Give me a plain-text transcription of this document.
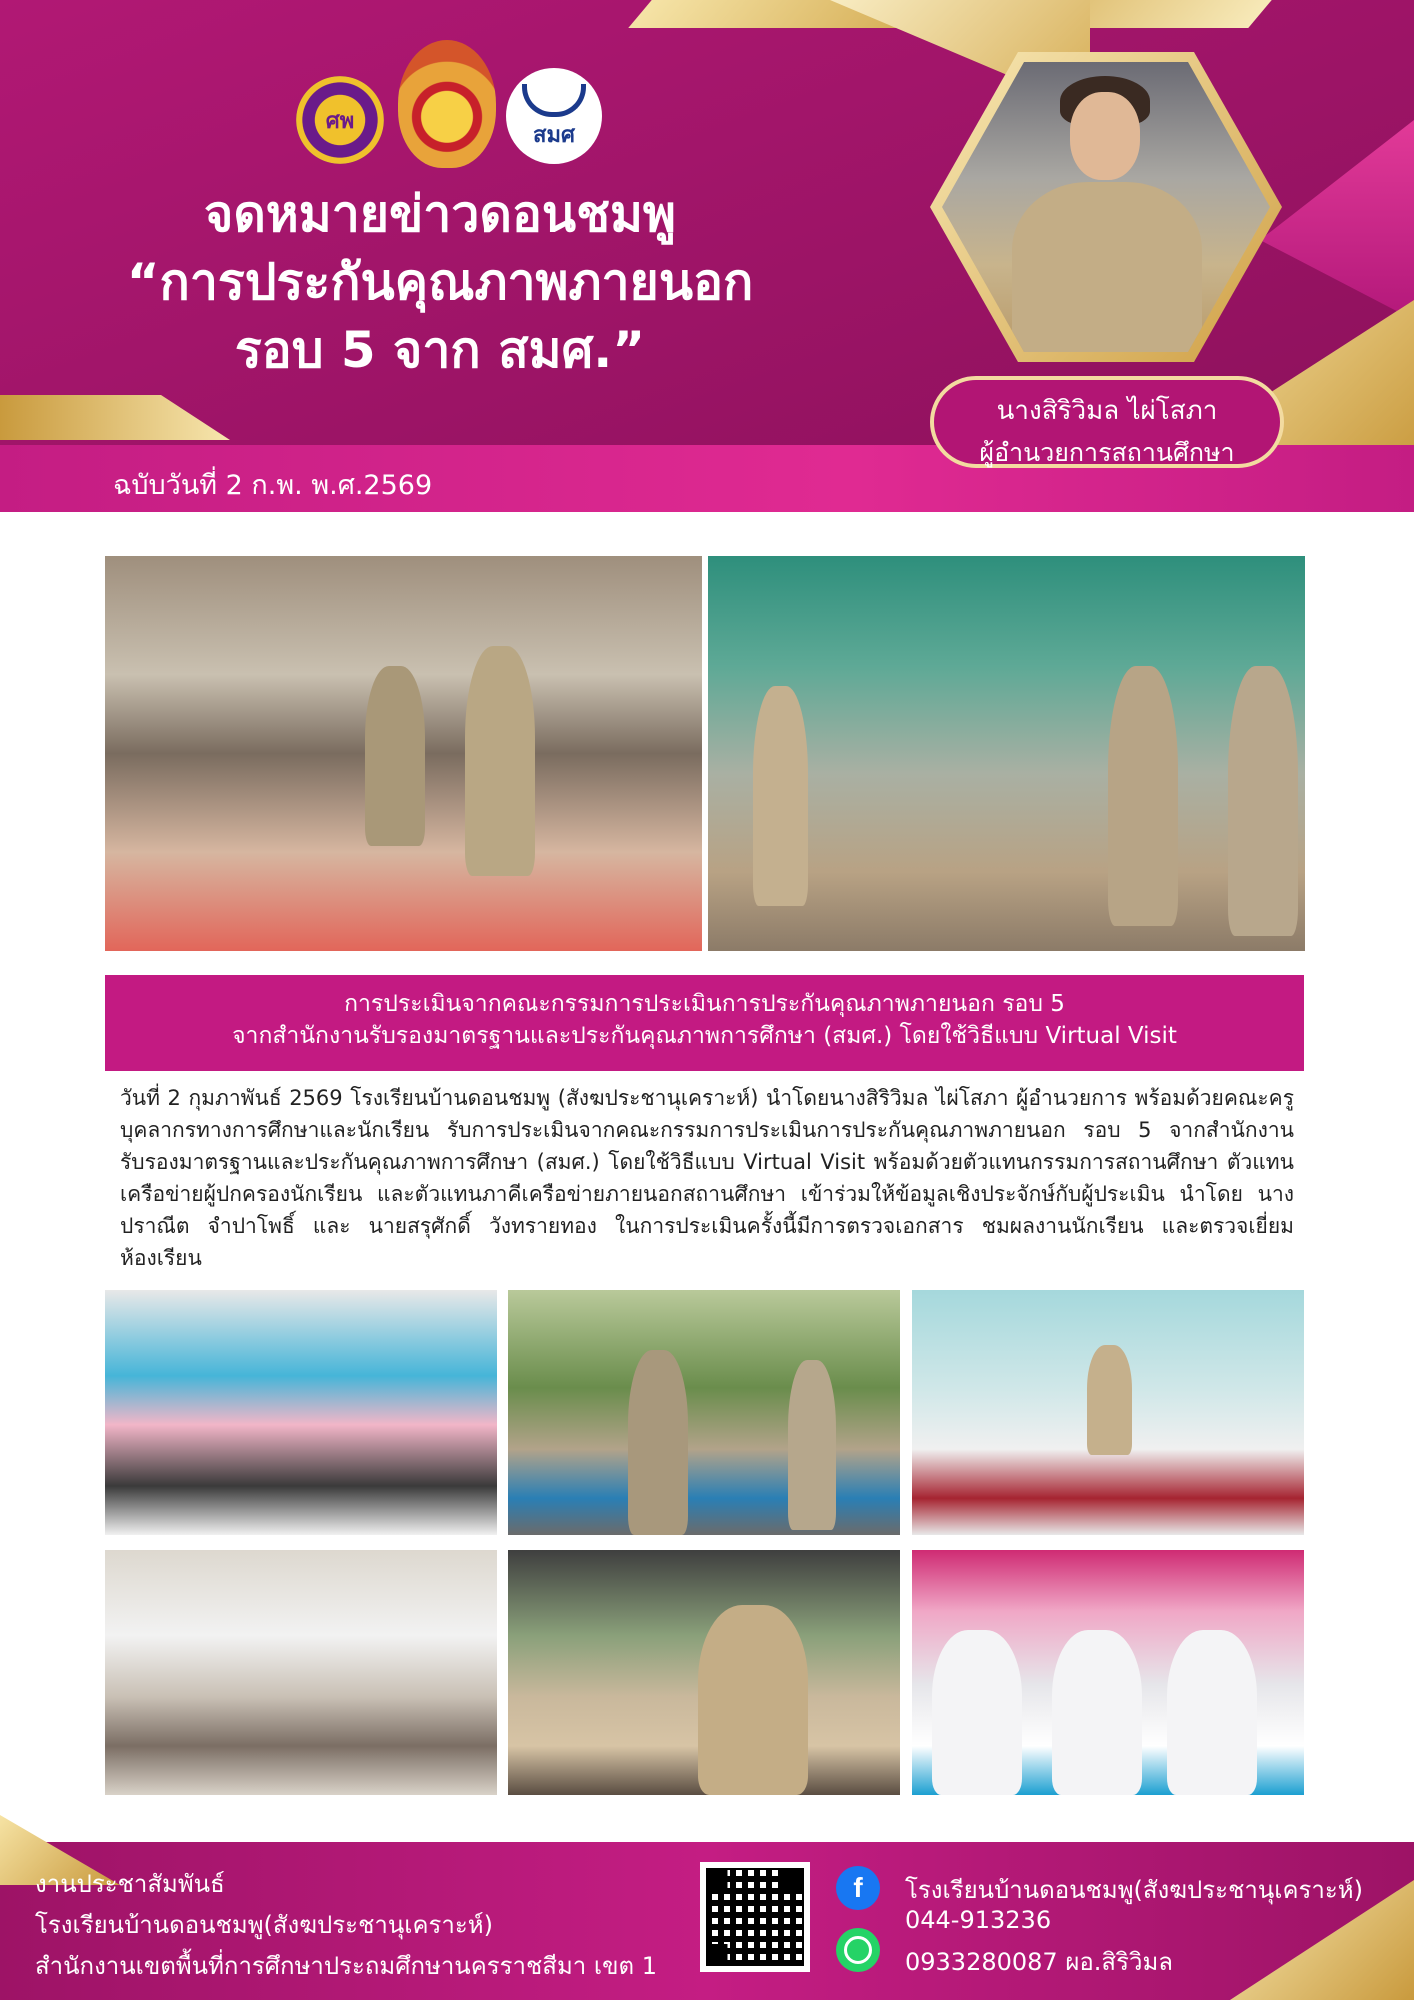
ศพ
สมศ
จดหมายข่าวดอนชมพู
“การประกันคุณภาพภายนอก
รอบ 5 จาก สมศ.”
ฉบับวันที่ 2 ก.พ. พ.ศ.2569
นางสิริวิมล ไผ่โสภา
ผู้อำนวยการสถานศึกษา
การประเมินจากคณะกรรมการประเมินการประกันคุณภาพภายนอก รอบ 5
จากสำนักงานรับรองมาตรฐานและประกันคุณภาพการศึกษา (สมศ.) โดยใช้วิธีแบบ Virtual Visit
วันที่ 2 กุมภาพันธ์ 2569 โรงเรียนบ้านดอนชมพู (สังฆประชานุเคราะห์) นำโดยนางสิริวิมล ไผ่โสภา ผู้อำนวยการ พร้อมด้วยคณะครู บุคลากรทางการศึกษาและนักเรียน รับการประเมินจากคณะกรรมการประเมินการประกันคุณภาพภายนอก รอบ 5 จากสำนักงานรับรองมาตรฐานและประกันคุณภาพการศึกษา (สมศ.) โดยใช้วิธีแบบ Virtual Visit พร้อมด้วยตัวแทนกรรมการสถานศึกษา ตัวแทนเครือข่ายผู้ปกครองนักเรียน และตัวแทนภาคีเครือข่ายภายนอกสถานศึกษา เข้าร่วมให้ข้อมูลเชิงประจักษ์กับผู้ประเมิน นำโดย นางปราณีต จำปาโพธิ์ และ นายสรุศักดิ์ วังทรายทอง ในการประเมินครั้งนี้มีการตรวจเอกสาร ชมผลงานนักเรียน และตรวจเยี่ยมห้องเรียน
งานประชาสัมพันธ์
โรงเรียนบ้านดอนชมพู(สังฆประชานุเคราะห์)
สำนักงานเขตพื้นที่การศึกษาประถมศึกษานครราชสีมา เขต 1
f	โรงเรียนบ้านดอนชมพู(สังฆประชานุเคราะห์)
044-913236
0933280087 ผอ.สิริวิมล
